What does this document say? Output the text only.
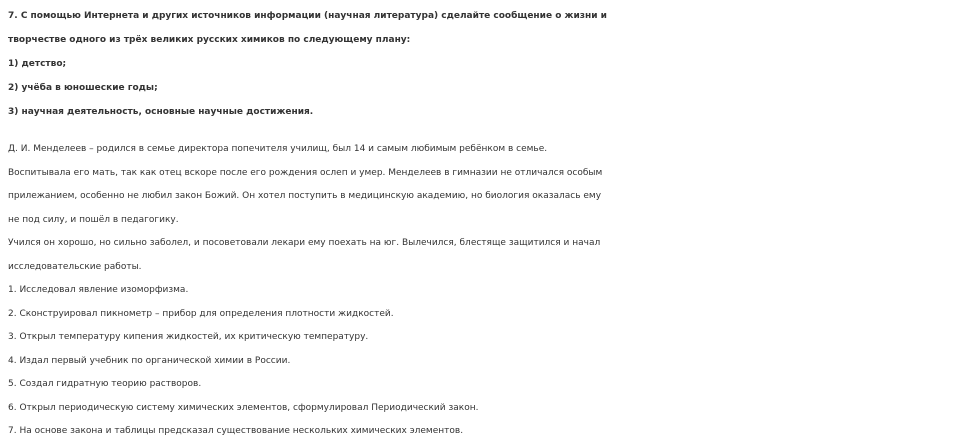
7. С помощью Интернета и других источников информации (научная литература) сделайте сообщение о жизни и
творчестве одного из трёх великих русских химиков по следующему плану:
1) детство;
2) учёба в юношеские годы;
3) научная деятельность, основные научные достижения.
Д. И. Менделеев – родился в семье директора попечителя училищ, был 14 и самым любимым ребёнком в семье.
Воспитывала его мать, так как отец вскоре после его рождения ослеп и умер. Менделеев в гимназии не отличался особым
прилежанием, особенно не любил закон Божий. Он хотел поступить в медицинскую академию, но биология оказалась ему
не под силу, и пошёл в педагогику.
Учился он хорошо, но сильно заболел, и посоветовали лекари ему поехать на юг. Вылечился, блестяще защитился и начал
исследовательские работы.
1. Исследовал явление изоморфизма.
2. Сконструировал пикнометр – прибор для определения плотности жидкостей.
3. Открыл температуру кипения жидкостей, их критическую температуру.
4. Издал первый учебник по органической химии в России.
5. Создал гидратную теорию растворов.
6. Открыл периодическую систему химических элементов, сформулировал Периодический закон.
7. На основе закона и таблицы предсказал существование нескольких химических элементов.
